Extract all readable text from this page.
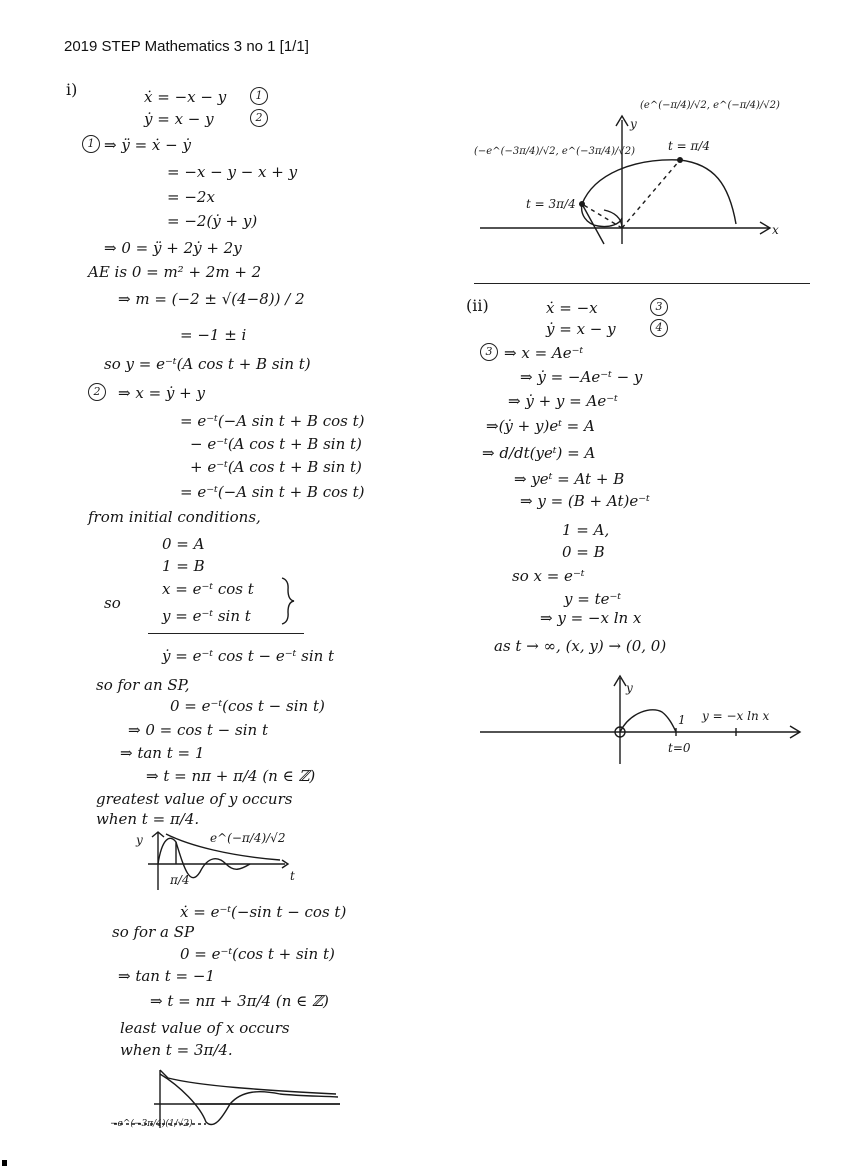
2019 STEP Mathematics 3 no 1 [1/1]
i)	ẋ = −x − y	1
ẏ = x − y	2
1 ⇒ ÿ = ẋ − ẏ
= −x − y − x + y
= −2x
= −2(ẏ + y)
⇒ 0 = ÿ + 2ẏ + 2y
AE is 0 = m² + 2m + 2
⇒ m = (−2 ± √(4−8)) / 2
= −1 ± i
so y = e⁻ᵗ(A cos t + B sin t)
2	⇒ x = ẏ + y
= e⁻ᵗ(−A sin t + B cos t)
− e⁻ᵗ(A cos t + B sin t)
+ e⁻ᵗ(A cos t + B sin t)
= e⁻ᵗ(−A sin t + B cos t)
from initial conditions,
0 = A
1 = B
x = e⁻ᵗ cos t
y = e⁻ᵗ sin t
so
ẏ = e⁻ᵗ cos t − e⁻ᵗ sin t
so for an SP,
0 = e⁻ᵗ(cos t − sin t)
⇒ 0 = cos t − sin t
⇒ tan t = 1
⇒ t = nπ + π/4 (n ∈ ℤ)
greatest value of y occurs
when t = π/4.
y
t
π/4
e^(−π/4)/√2
ẋ = e⁻ᵗ(−sin t − cos t)
so for a SP
0 = e⁻ᵗ(cos t + sin t)
⇒ tan t = −1
⇒ t = nπ + 3π/4 (n ∈ ℤ)
least value of x occurs
when t = 3π/4.
−e^(−3π/4)(1/√2)
y
x
(e^(−π/4)/√2, e^(−π/4)/√2)
t = π/4
(−e^(−3π/4)/√2, e^(−3π/4)/√2)
t = 3π/4
(ii)	ẋ = −x	3
ẏ = x − y	4
3 ⇒ x = Ae⁻ᵗ
⇒ ẏ = −Ae⁻ᵗ − y
⇒ ẏ + y = Ae⁻ᵗ
⇒(ẏ + y)eᵗ = A
⇒ d/dt(yeᵗ) = A
⇒ yeᵗ = At + B
⇒ y = (B + At)e⁻ᵗ
1 = A,
0 = B
so x = e⁻ᵗ
y = te⁻ᵗ
⇒ y = −x ln x
as t → ∞, (x, y) → (0, 0)
y
1
t=0
y = −x ln x
